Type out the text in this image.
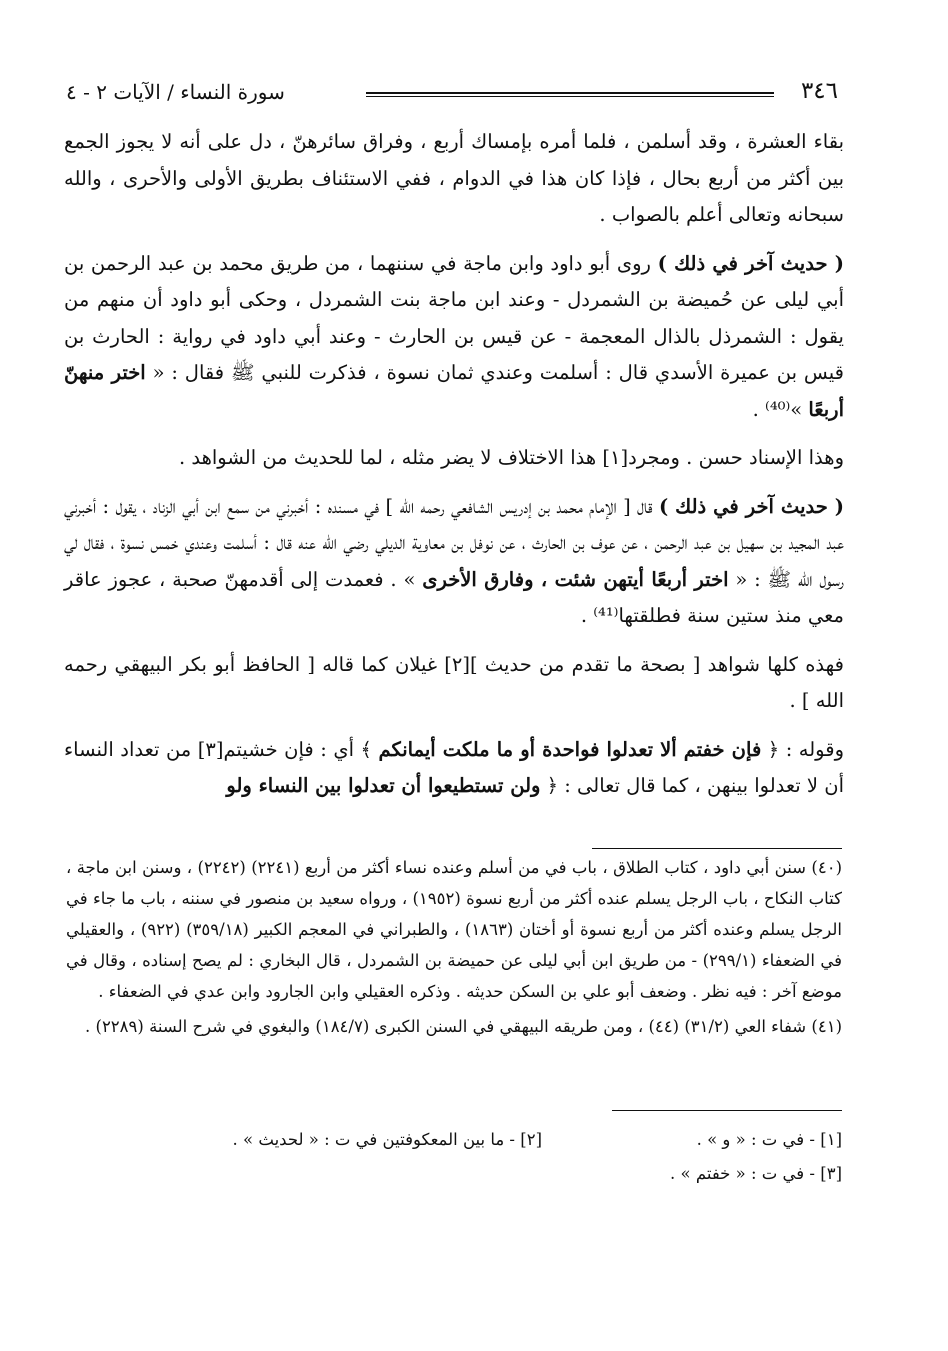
٣٤٦
سورة النساء / الآيات ٢ - ٤

بقاء العشرة ، وقد أسلمن ، فلما أمره بإمساك أربع ، وفراق سائرهنّ ، دل على أنه لا يجوز الجمع بين أكثر من أربع بحال ، فإذا كان هذا في الدوام ، ففي الاستئناف بطريق الأولى والأحرى ، والله سبحانه وتعالى أعلم بالصواب .

( حديث آخر في ذلك ) روى أبو داود وابن ماجة في سننهما ، من طريق محمد بن عبد الرحمن بن أبي ليلى عن حُميضة بن الشمردل - وعند ابن ماجة بنت الشمردل ، وحكى أبو داود أن منهم من يقول : الشمرذل بالذال المعجمة - عن قيس بن الحارث - وعند أبي داود في رواية : الحارث بن قيس بن عميرة الأسدي قال : أسلمت وعندي ثمان نسوة ، فذكرت للنبي ﷺ فقال : « اختر منهنّ أربعًا »⁽⁴⁰⁾ .

وهذا الإسناد حسن . ومجرد[١] هذا الاختلاف لا يضر مثله ، لما للحديث من الشواهد .

( حديث آخر في ذلك ) قال [ الإمام محمد بن إدريس الشافعي رحمه الله ] في مسنده : أخبرني من سمع ابن أبي الزناد ، يقول : أخبرني عبد المجيد بن سهيل بن عبد الرحمن ، عن عوف بن الحارث ، عن نوفل بن معاوية الديلي رضي الله عنه قال : أسلمت وعندي خمس نسوة ، فقال لي رسول الله ﷺ : « اختر أربعًا أيتهن شئت ، وفارق الأخرى » . فعمدت إلى أقدمهنّ صحبة ، عجوز عاقر معي منذ ستين سنة فطلقتها⁽⁴¹⁾ .

فهذه كلها شواهد [ بصحة ما تقدم من حديث ][٢] غيلان كما قاله [ الحافظ أبو بكر البيهقي رحمه الله ] .

وقوله : ﴿ فإن خفتم ألا تعدلوا فواحدة أو ما ملكت أيمانكم ﴾ أي : فإن خشيتم[٣] من تعداد النساء أن لا تعدلوا بينهن ، كما قال تعالى : ﴿ ولن تستطيعوا أن تعدلوا بين النساء ولو

(٤٠) سنن أبي داود ، كتاب الطلاق ، باب في من أسلم وعنده نساء أكثر من أربع (٢٢٤١) (٢٢٤٢) ، وسنن ابن ماجة ، كتاب النكاح ، باب الرجل يسلم عنده أكثر من أربع نسوة (١٩٥٢) ، ورواه سعيد بن منصور في سننه ، باب ما جاء في الرجل يسلم وعنده أكثر من أربع نسوة أو أختان (١٨٦٣) ، والطبراني في المعجم الكبير (٣٥٩/١٨) (٩٢٢) ، والعقيلي في الضعفاء (٢٩٩/١) - من طريق ابن أبي ليلى عن حميضة بن الشمردل ، قال البخاري : لم يصح إسناده ، وقال في موضع آخر : فيه نظر . وضعف أبو علي بن السكن حديثه . وذكره العقيلي وابن الجارود وابن عدي في الضعفاء .

(٤١) شفاء العي (٣١/٢) (٤٤) ، ومن طريقه البيهقي في السنن الكبرى (١٨٤/٧) والبغوي في شرح السنة (٢٢٨٩) .

[١] - في ت : « و » .
[٢] - ما بين المعكوفتين في ت : « لحديث » .
[٣] - في ت : « خفتم » .
